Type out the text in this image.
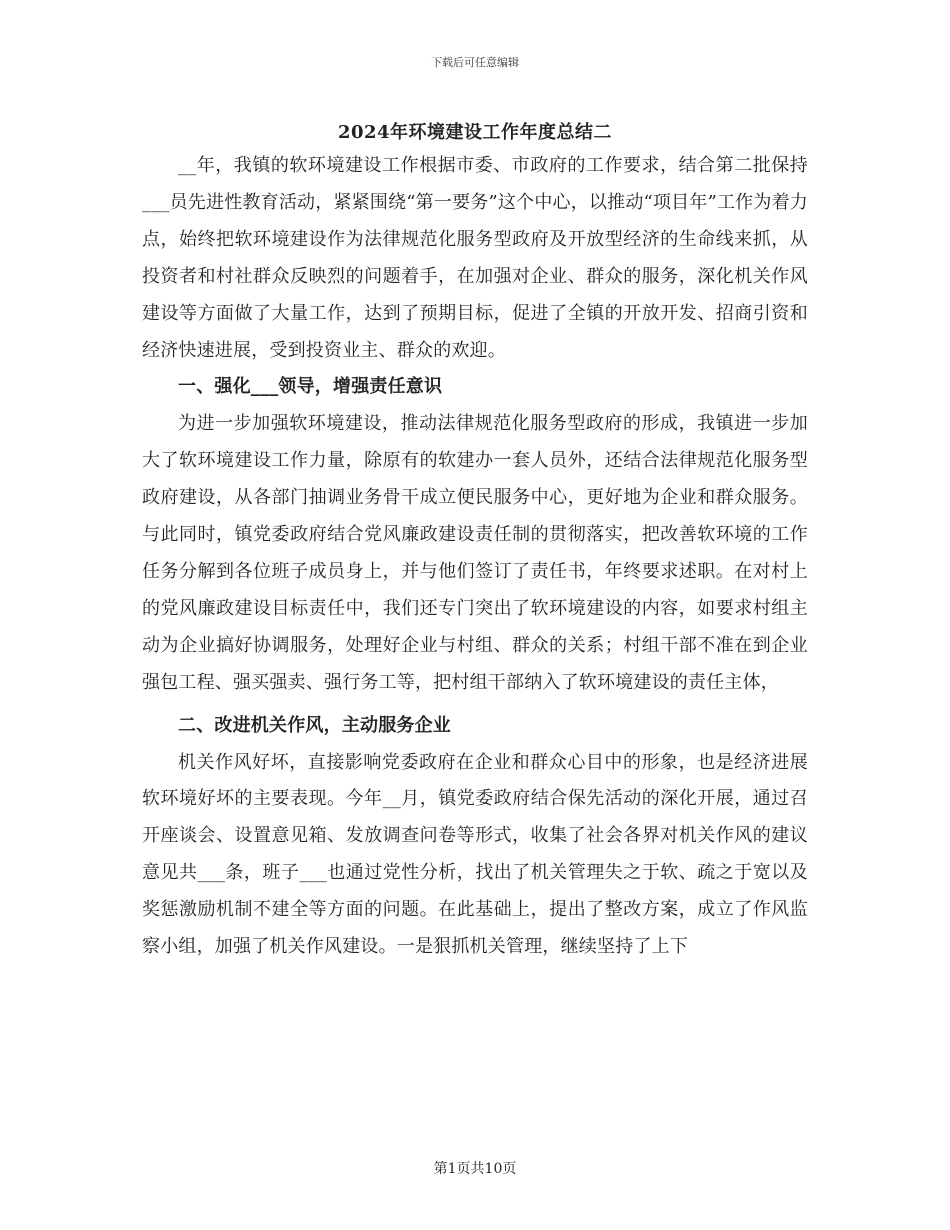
下载后可任意编辑
2024年环境建设工作年度总结二

__年，我镇的软环境建设工作根据市委、市政府的工作要求，结合第二批保持___员先进性教育活动，紧紧围绕“第一要务”这个中心，以推动“项目年”工作为着力点，始终把软环境建设作为法律规范化服务型政府及开放型经济的生命线来抓，从投资者和村社群众反映烈的问题着手，在加强对企业、群众的服务，深化机关作风建设等方面做了大量工作，达到了预期目标，促进了全镇的开放开发、招商引资和经济快速进展，受到投资业主、群众的欢迎。

一、强化___领导，增强责任意识

为进一步加强软环境建设，推动法律规范化服务型政府的形成，我镇进一步加大了软环境建设工作力量，除原有的软建办一套人员外，还结合法律规范化服务型政府建设，从各部门抽调业务骨干成立便民服务中心，更好地为企业和群众服务。与此同时，镇党委政府结合党风廉政建设责任制的贯彻落实，把改善软环境的工作任务分解到各位班子成员身上，并与他们签订了责任书，年终要求述职。在对村上的党风廉政建设目标责任中，我们还专门突出了软环境建设的内容，如要求村组主动为企业搞好协调服务，处理好企业与村组、群众的关系；村组干部不准在到企业强包工程、强买强卖、强行务工等，把村组干部纳入了软环境建设的责任主体，

二、改进机关作风，主动服务企业

机关作风好坏，直接影响党委政府在企业和群众心目中的形象，也是经济进展软环境好坏的主要表现。今年__月，镇党委政府结合保先活动的深化开展，通过召开座谈会、设置意见箱、发放调查问卷等形式，收集了社会各界对机关作风的建议意见共___条，班子___也通过党性分析，找出了机关管理失之于软、疏之于宽以及奖惩激励机制不建全等方面的问题。在此基础上，提出了整改方案，成立了作风监察小组，加强了机关作风建设。一是狠抓机关管理，继续坚持了上下

第1页共10页
